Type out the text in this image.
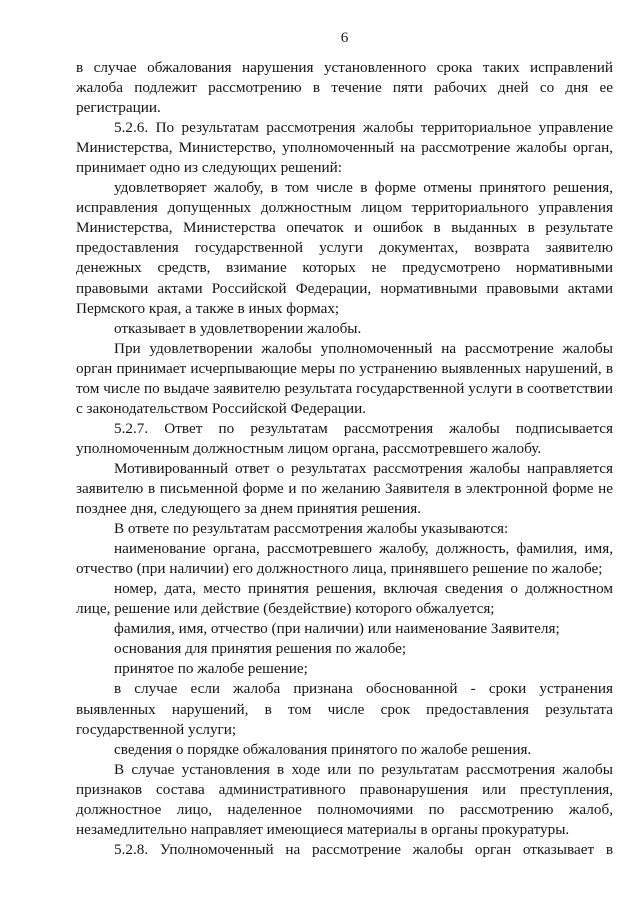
6

в случае обжалования нарушения установленного срока таких исправлений жалоба подлежит рассмотрению в течение пяти рабочих дней со дня ее регистрации.

5.2.6. По результатам рассмотрения жалобы территориальное управление Министерства, Министерство, уполномоченный на рассмотрение жалобы орган, принимает одно из следующих решений:

удовлетворяет жалобу, в том числе в форме отмены принятого решения, исправления допущенных должностным лицом территориального управления Министерства, Министерства опечаток и ошибок в выданных в результате предоставления государственной услуги документах, возврата заявителю денежных средств, взимание которых не предусмотрено нормативными правовыми актами Российской Федерации, нормативными правовыми актами Пермского края, а также в иных формах;

отказывает в удовлетворении жалобы.

При удовлетворении жалобы уполномоченный на рассмотрение жалобы орган принимает исчерпывающие меры по устранению выявленных нарушений, в том числе по выдаче заявителю результата государственной услуги в соответствии с законодательством Российской Федерации.

5.2.7. Ответ по результатам рассмотрения жалобы подписывается уполномоченным должностным лицом органа, рассмотревшего жалобу.

Мотивированный ответ о результатах рассмотрения жалобы направляется заявителю в письменной форме и по желанию Заявителя в электронной форме не позднее дня, следующего за днем принятия решения.

В ответе по результатам рассмотрения жалобы указываются:

наименование органа, рассмотревшего жалобу, должность, фамилия, имя, отчество (при наличии) его должностного лица, принявшего решение по жалобе;

номер, дата, место принятия решения, включая сведения о должностном лице, решение или действие (бездействие) которого обжалуется;

фамилия, имя, отчество (при наличии) или наименование Заявителя;

основания для принятия решения по жалобе;

принятое по жалобе решение;

в случае если жалоба признана обоснованной - сроки устранения выявленных нарушений, в том числе срок предоставления результата государственной услуги;

сведения о порядке обжалования принятого по жалобе решения.

В случае установления в ходе или по результатам рассмотрения жалобы признаков состава административного правонарушения или преступления, должностное лицо, наделенное полномочиями по рассмотрению жалоб, незамедлительно направляет имеющиеся материалы в органы прокуратуры.

5.2.8. Уполномоченный на рассмотрение жалобы орган отказывает в
